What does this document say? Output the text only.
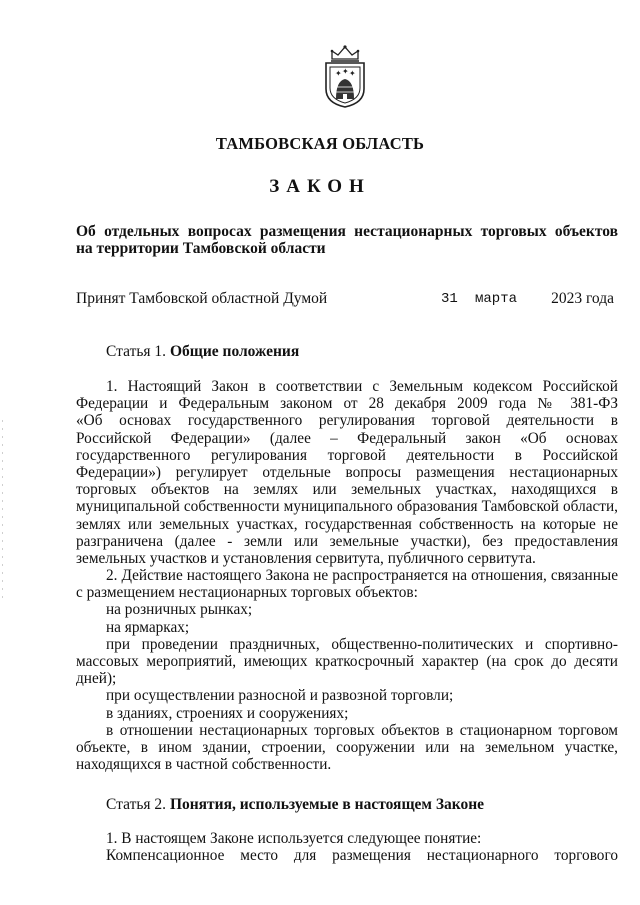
✦ ✦ ✦
ТАМБОВСКАЯ ОБЛАСТЬ
ЗАКОН
Об отдельных вопросах размещения нестационарных торговых объектов
на территории Тамбовской области
Принят Тамбовской областной Думой	31 марта 2023 года
Статья 1. Общие положения
1. Настоящий Закон в соответствии с Земельным кодексом Российской
Федерации и Федеральным законом от 28 декабря 2009 года № 381-ФЗ
«Об основах государственного регулирования торговой деятельности в
Российской Федерации» (далее – Федеральный закон «Об основах
государственного регулирования торговой деятельности в Российской
Федерации») регулирует отдельные вопросы размещения нестационарных
торговых объектов на землях или земельных участках, находящихся в
муниципальной собственности муниципального образования Тамбовской области,
землях или земельных участках, государственная собственность на которые не
разграничена (далее - земли или земельные участки), без предоставления
земельных участков и установления сервитута, публичного сервитута.
2. Действие настоящего Закона не распространяется на отношения, связанные
с размещением нестационарных торговых объектов:
на розничных рынках;
на ярмарках;
при проведении праздничных, общественно-политических и спортивно-
массовых мероприятий, имеющих краткосрочный характер (на срок до десяти
дней);
при осуществлении разносной и развозной торговли;
в зданиях, строениях и сооружениях;
в отношении нестационарных торговых объектов в стационарном торговом
объекте, в ином здании, строении, сооружении или на земельном участке,
находящихся в частной собственности.
Статья 2. Понятия, используемые в настоящем Законе
1. В настоящем Законе используется следующее понятие:
Компенсационное место для размещения нестационарного торгового
